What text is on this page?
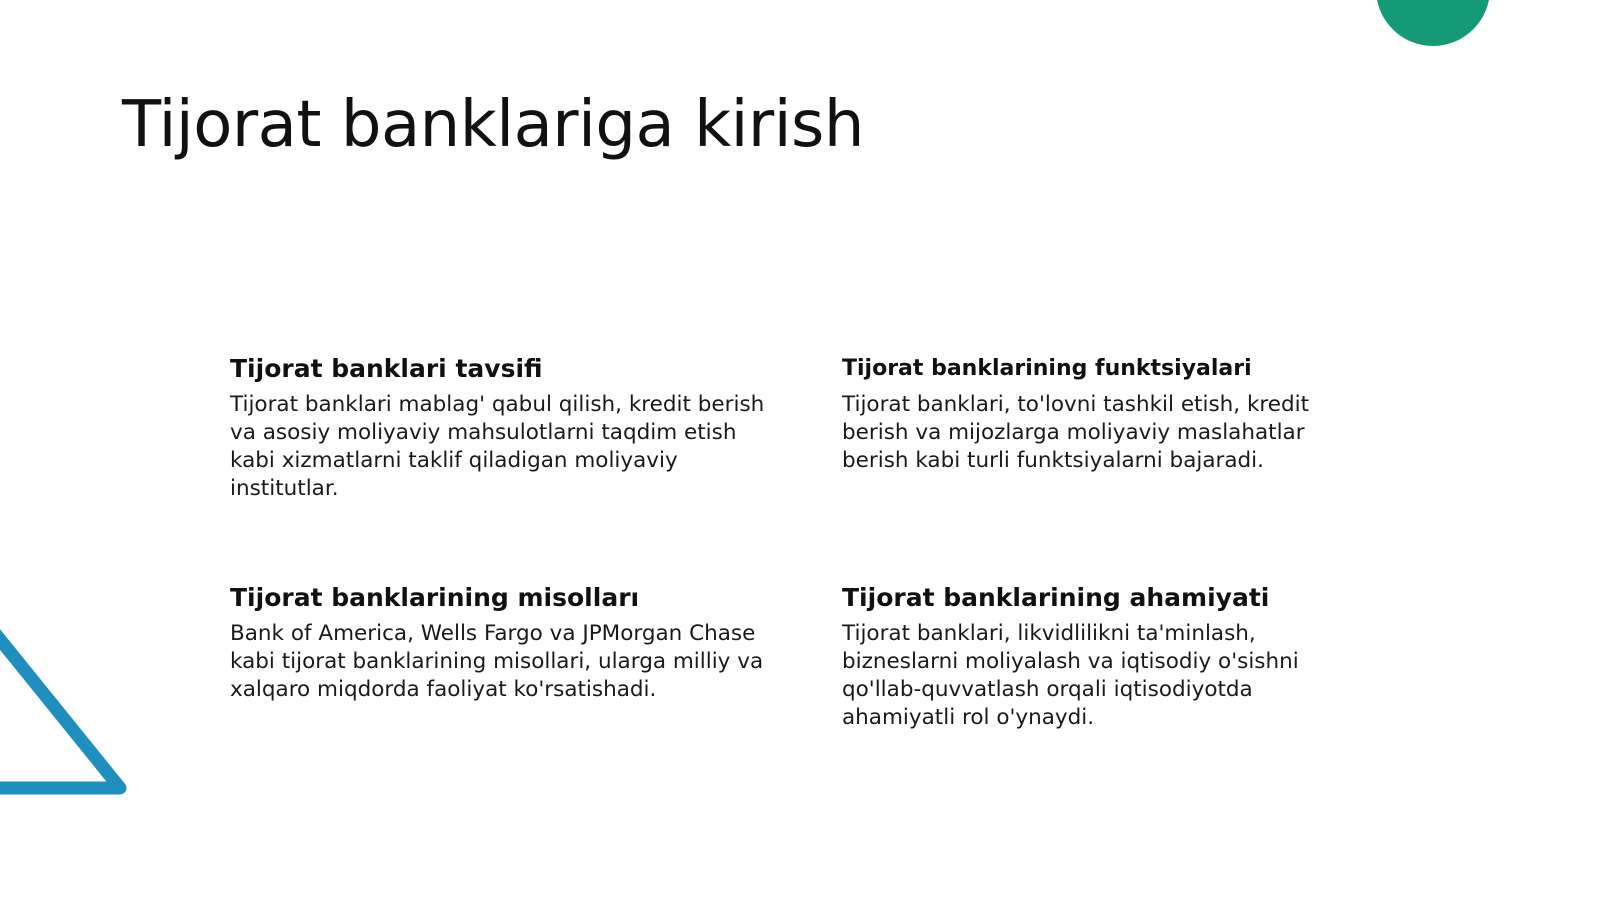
Tijorat banklariga kirish
Tijorat banklari tavsifi

Tijorat banklari mablag' qabul qilish, kredit berish va asosiy moliyaviy mahsulotlarni taqdim etish kabi xizmatlarni taklif qiladigan moliyaviy institutlar.

Tijorat banklarining funktsiyalari

Tijorat banklari, to'lovni tashkil etish, kredit berish va mijozlarga moliyaviy maslahatlar berish kabi turli funktsiyalarni bajaradi.

Tijorat banklarining misolları

Bank of America, Wells Fargo va JPMorgan Chase kabi tijorat banklarining misollari, ularga milliy va xalqaro miqdorda faoliyat ko'rsatishadi.

Tijorat banklarining ahamiyati

Tijorat banklari, likvidlilikni ta'minlash, bizneslarni moliyalash va iqtisodiy o'sishni qo'llab-quvvatlash orqali iqtisodiyotda ahamiyatli rol o'ynaydi.
